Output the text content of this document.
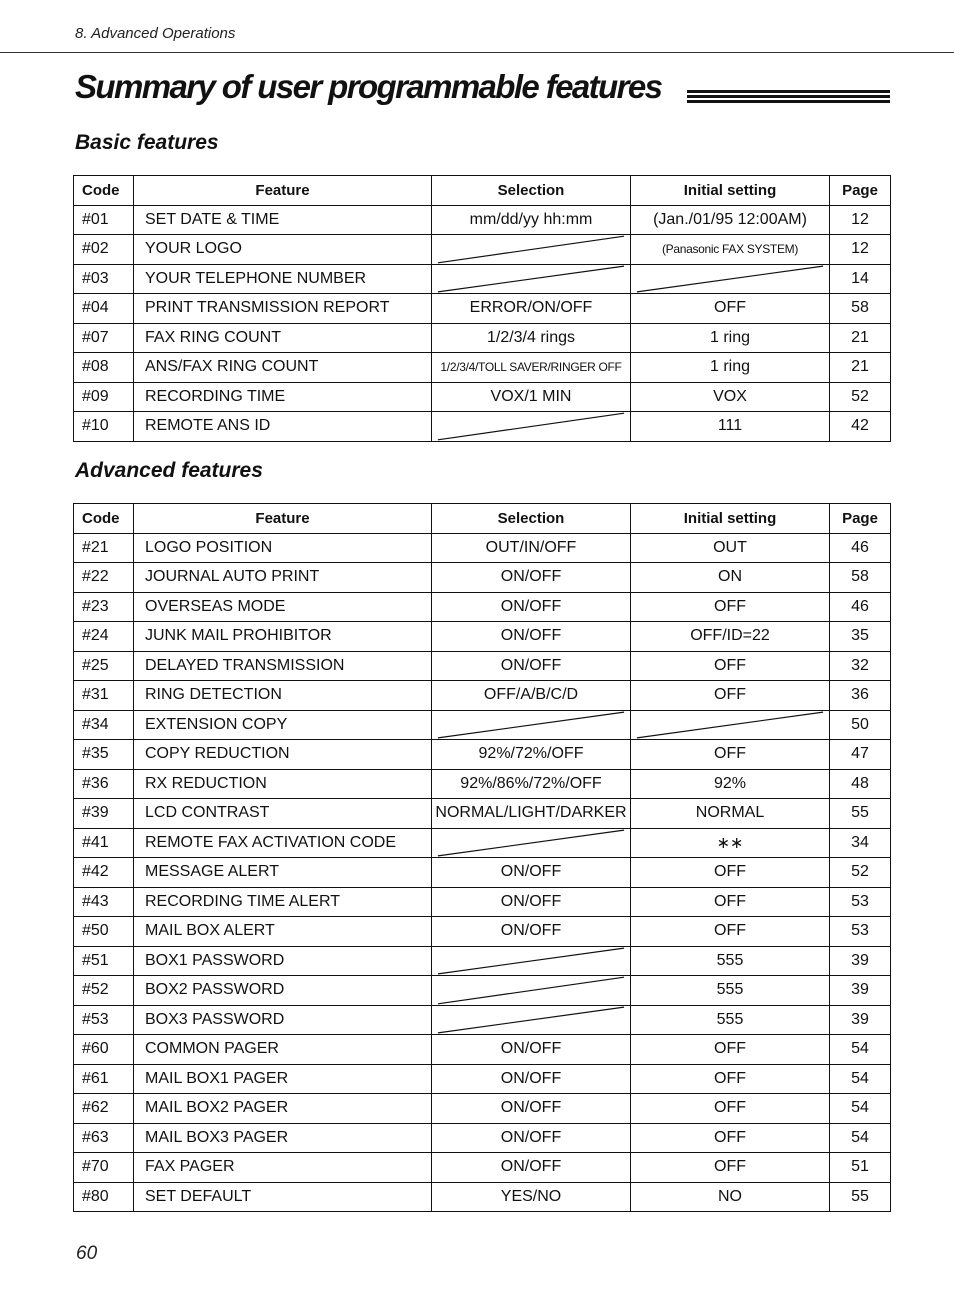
8. Advanced Operations
Summary of user programmable features
Basic features
Code	Feature	Selection	Initial setting	Page
#01	SET DATE & TIME	mm/dd/yy hh:mm	(Jan./01/95 12:00AM)	12
#02	YOUR LOGO		(Panasonic FAX SYSTEM)	12
#03	YOUR TELEPHONE NUMBER			14
#04	PRINT TRANSMISSION REPORT	ERROR/ON/OFF	OFF	58
#07	FAX RING COUNT	1/2/3/4 rings	1 ring	21
#08	ANS/FAX RING COUNT	1/2/3/4/TOLL SAVER/RINGER OFF	1 ring	21
#09	RECORDING TIME	VOX/1 MIN	VOX	52
#10	REMOTE ANS ID		111	42
Advanced features
Code	Feature	Selection	Initial setting	Page
#21	LOGO POSITION	OUT/IN/OFF	OUT	46
#22	JOURNAL AUTO PRINT	ON/OFF	ON	58
#23	OVERSEAS MODE	ON/OFF	OFF	46
#24	JUNK MAIL PROHIBITOR	ON/OFF	OFF/ID=22	35
#25	DELAYED TRANSMISSION	ON/OFF	OFF	32
#31	RING DETECTION	OFF/A/B/C/D	OFF	36
#34	EXTENSION COPY			50
#35	COPY REDUCTION	92%/72%/OFF	OFF	47
#36	RX REDUCTION	92%/86%/72%/OFF	92%	48
#39	LCD CONTRAST	NORMAL/LIGHT/DARKER	NORMAL	55
#41	REMOTE FAX ACTIVATION CODE		∗∗	34
#42	MESSAGE ALERT	ON/OFF	OFF	52
#43	RECORDING TIME ALERT	ON/OFF	OFF	53
#50	MAIL BOX ALERT	ON/OFF	OFF	53
#51	BOX1 PASSWORD		555	39
#52	BOX2 PASSWORD		555	39
#53	BOX3 PASSWORD		555	39
#60	COMMON PAGER	ON/OFF	OFF	54
#61	MAIL BOX1 PAGER	ON/OFF	OFF	54
#62	MAIL BOX2 PAGER	ON/OFF	OFF	54
#63	MAIL BOX3 PAGER	ON/OFF	OFF	54
#70	FAX PAGER	ON/OFF	OFF	51
#80	SET DEFAULT	YES/NO	NO	55
60
